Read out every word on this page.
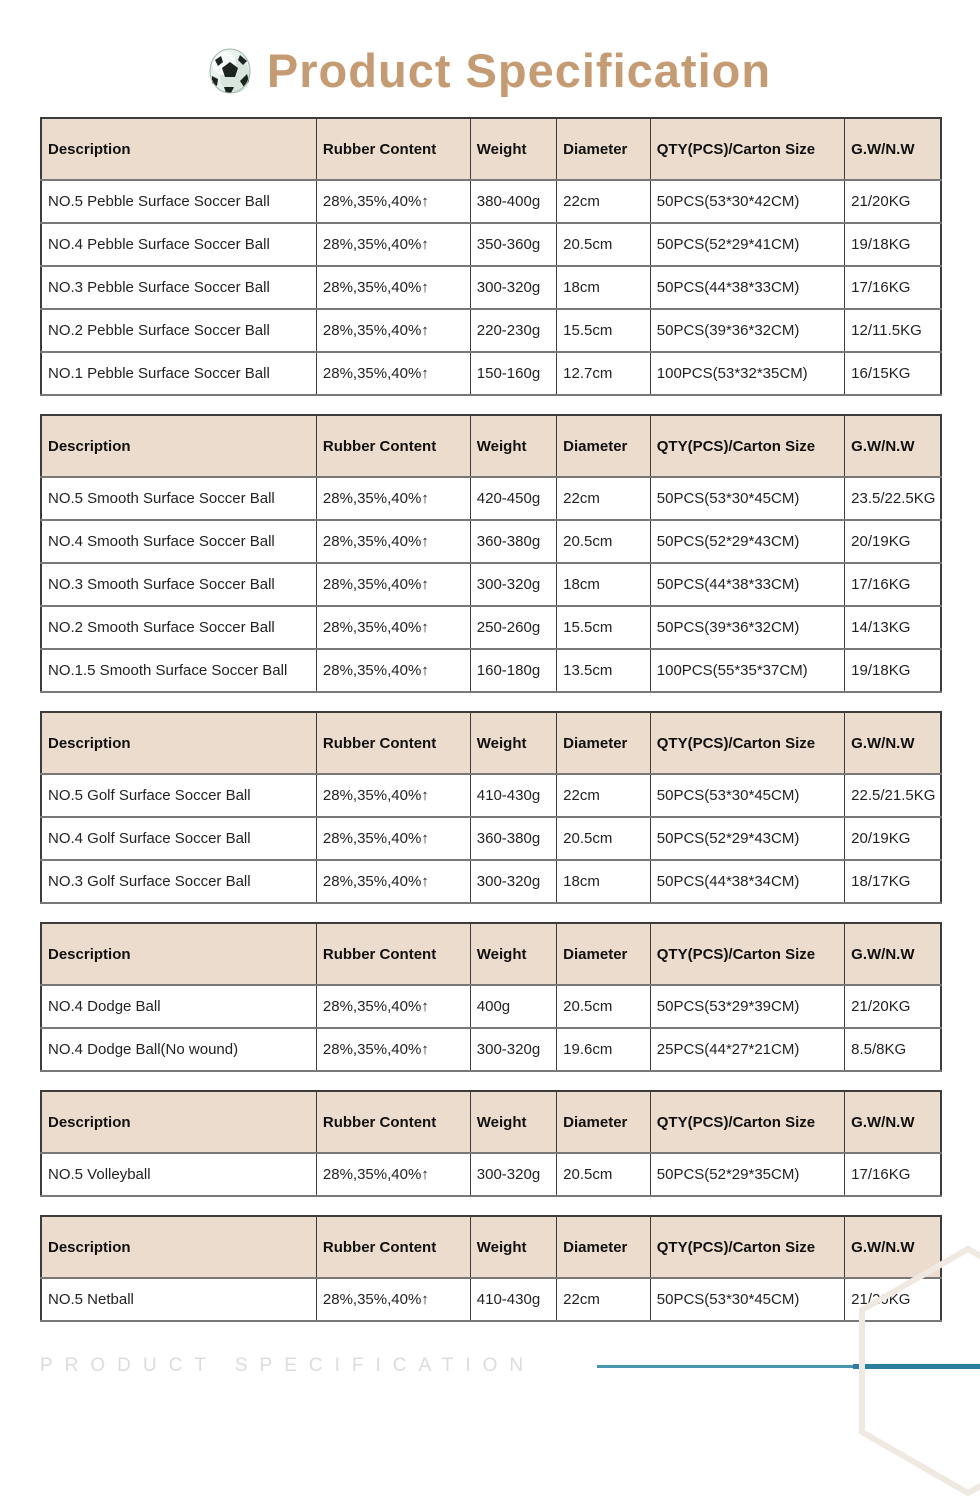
Product Specification
Description	Rubber Content	Weight	Diameter	QTY(PCS)/Carton Size	G.W/N.W
NO.5 Pebble Surface Soccer Ball	28%,35%,40%↑	380-400g	22cm	50PCS(53*30*42CM)	21/20KG
NO.4 Pebble Surface Soccer Ball	28%,35%,40%↑	350-360g	20.5cm	50PCS(52*29*41CM)	19/18KG
NO.3 Pebble Surface Soccer Ball	28%,35%,40%↑	300-320g	18cm	50PCS(44*38*33CM)	17/16KG
NO.2 Pebble Surface Soccer Ball	28%,35%,40%↑	220-230g	15.5cm	50PCS(39*36*32CM)	12/11.5KG
NO.1 Pebble Surface Soccer Ball	28%,35%,40%↑	150-160g	12.7cm	100PCS(53*32*35CM)	16/15KG
Description	Rubber Content	Weight	Diameter	QTY(PCS)/Carton Size	G.W/N.W
NO.5 Smooth Surface Soccer Ball	28%,35%,40%↑	420-450g	22cm	50PCS(53*30*45CM)	23.5/22.5KG
NO.4 Smooth Surface Soccer Ball	28%,35%,40%↑	360-380g	20.5cm	50PCS(52*29*43CM)	20/19KG
NO.3 Smooth Surface Soccer Ball	28%,35%,40%↑	300-320g	18cm	50PCS(44*38*33CM)	17/16KG
NO.2 Smooth Surface Soccer Ball	28%,35%,40%↑	250-260g	15.5cm	50PCS(39*36*32CM)	14/13KG
NO.1.5 Smooth Surface Soccer Ball	28%,35%,40%↑	160-180g	13.5cm	100PCS(55*35*37CM)	19/18KG
Description	Rubber Content	Weight	Diameter	QTY(PCS)/Carton Size	G.W/N.W
NO.5 Golf Surface Soccer Ball	28%,35%,40%↑	410-430g	22cm	50PCS(53*30*45CM)	22.5/21.5KG
NO.4 Golf Surface Soccer Ball	28%,35%,40%↑	360-380g	20.5cm	50PCS(52*29*43CM)	20/19KG
NO.3 Golf Surface Soccer Ball	28%,35%,40%↑	300-320g	18cm	50PCS(44*38*34CM)	18/17KG
Description	Rubber Content	Weight	Diameter	QTY(PCS)/Carton Size	G.W/N.W
NO.4 Dodge Ball	28%,35%,40%↑	400g	20.5cm	50PCS(53*29*39CM)	21/20KG
NO.4 Dodge Ball(No wound)	28%,35%,40%↑	300-320g	19.6cm	25PCS(44*27*21CM)	8.5/8KG
Description	Rubber Content	Weight	Diameter	QTY(PCS)/Carton Size	G.W/N.W
NO.5 Volleyball	28%,35%,40%↑	300-320g	20.5cm	50PCS(52*29*35CM)	17/16KG
Description	Rubber Content	Weight	Diameter	QTY(PCS)/Carton Size	G.W/N.W
NO.5 Netball	28%,35%,40%↑	410-430g	22cm	50PCS(53*30*45CM)	21/20KG
PRODUCT SPECIFICATION
